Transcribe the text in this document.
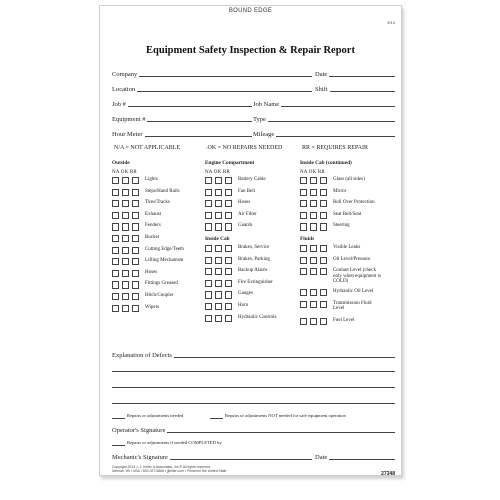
BOUND EDGE
9/13
Equipment Safety Inspection & Repair Report
Company	Date
Location	Shift
Job #	Job Name
Equipment #	Type
Hour Meter	Mileage
N/A = NOT APPLICABLE	.OK = NO REPAIRS NEEDED	RR = REQUIRES REPAIR
Outside
NA OK RR
Lights
Steps/Hand Rails
Tires/Tracks
Exhaust
Fenders
Bucket
Cutting Edge/Teeth
Lifting Mechanism
Hoses
Fittings Greased
Hitch/Coupler
Wipers
Engine Compartment
NA OK RR
Battery Cable
Fan Belt
Hoses
Air Filter
Guards
Inside Cab
Brakes, Service
Brakes, Parking
Backup Alarm
Fire Extinguisher
Gauges
Horn
Hydraulic Controls
Inside Cab (continued)
NA OK RR
Glass (all sides)
Mirror
Roll Over Protection
Seat Belt/Seat
Steering
Fluids
Visible Leaks
Oil Level/Pressure
Coolant Level (check only when equipment is COLD)
Hydraulic Oil Level
Transmission Fluid Level
Fuel Level
Explanation of Defects
Repairs or adjustments needed	Repairs or adjustments NOT needed for safe equipment operation
Operator's Signature
Repairs or adjustments if needed COMPLETED by
Mechanic's Signature	Date
Copyright 2013 J. J. Keller & Associates, Inc.® All rights reserved.
Neenah, WI • USA • 800-327-6868 • jjkeller.com • Printed in the United State	27348
